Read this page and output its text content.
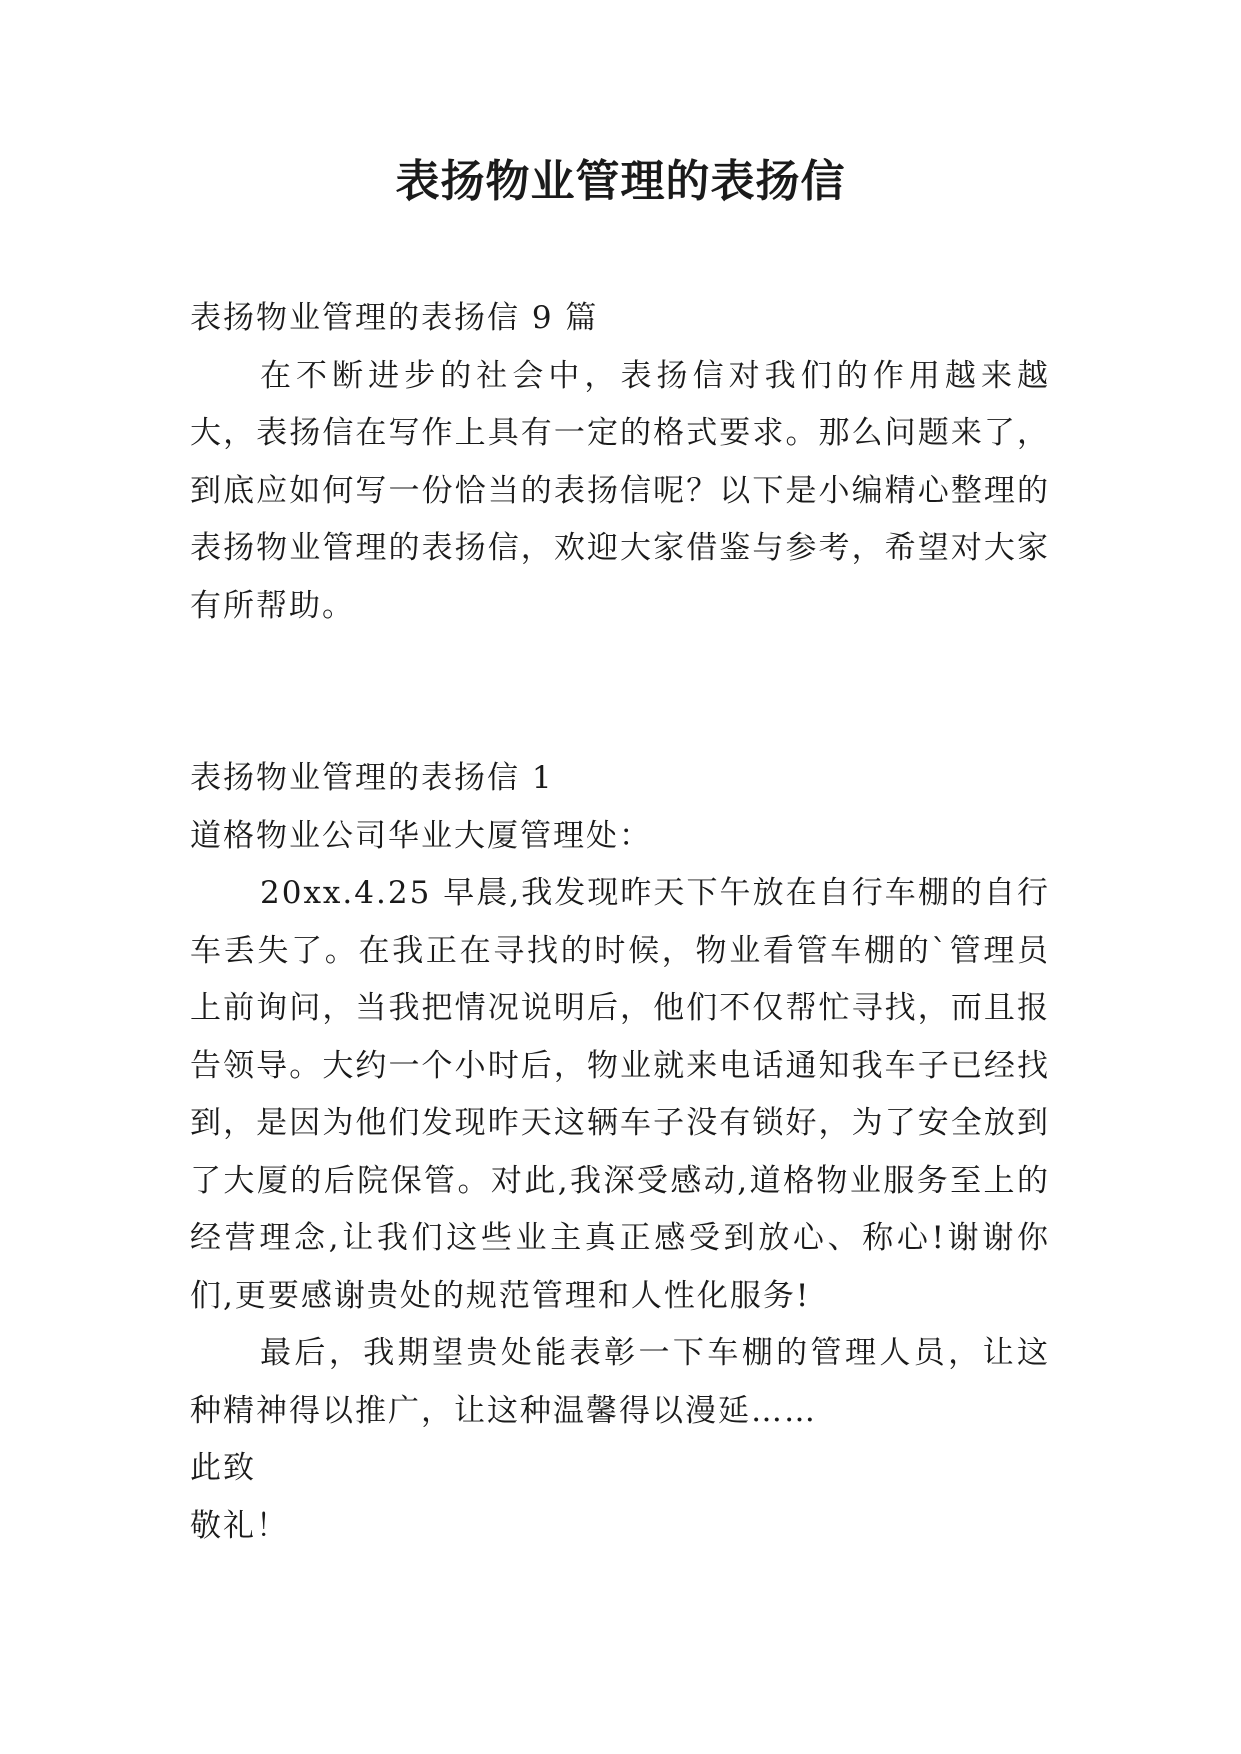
表扬物业管理的表扬信

表扬物业管理的表扬信 9 篇

在不断进步的社会中，表扬信对我们的作用越来越大，表扬信在写作上具有一定的格式要求。那么问题来了，到底应如何写一份恰当的表扬信呢？以下是小编精心整理的表扬物业管理的表扬信，欢迎大家借鉴与参考，希望对大家有所帮助。

表扬物业管理的表扬信 1

道格物业公司华业大厦管理处：

20xx.4.25 早晨,我发现昨天下午放在自行车棚的自行车丢失了。在我正在寻找的时候，物业看管车棚的`管理员上前询问，当我把情况说明后，他们不仅帮忙寻找，而且报告领导。大约一个小时后，物业就来电话通知我车子已经找到，是因为他们发现昨天这辆车子没有锁好，为了安全放到了大厦的后院保管。对此,我深受感动,道格物业服务至上的经营理念,让我们这些业主真正感受到放心、称心!谢谢你们,更要感谢贵处的规范管理和人性化服务!

最后，我期望贵处能表彰一下车棚的管理人员，让这种精神得以推广，让这种温馨得以漫延……

此致

敬礼！
